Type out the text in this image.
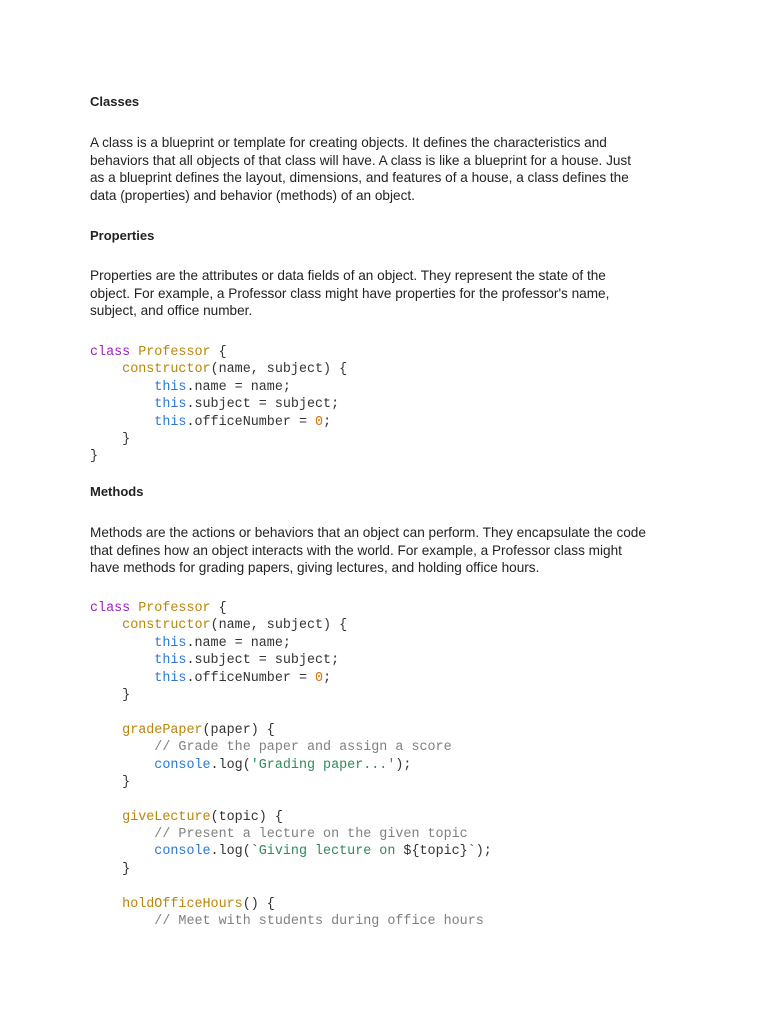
Classes
A class is a blueprint or template for creating objects. It defines the characteristics and
behaviors that all objects of that class will have. A class is like a blueprint for a house. Just
as a blueprint defines the layout, dimensions, and features of a house, a class defines the
data (properties) and behavior (methods) of an object.
Properties
Properties are the attributes or data fields of an object. They represent the state of the
object. For example, a Professor class might have properties for the professor's name,
subject, and office number.
class Professor {
constructor(name, subject) {
this.name = name;
this.subject = subject;
this.officeNumber = 0;
}
}
Methods
Methods are the actions or behaviors that an object can perform. They encapsulate the code
that defines how an object interacts with the world. For example, a Professor class might
have methods for grading papers, giving lectures, and holding office hours.
class Professor {
constructor(name, subject) {
this.name = name;
this.subject = subject;
this.officeNumber = 0;
}
gradePaper(paper) {
// Grade the paper and assign a score
console.log('Grading paper...');
}
giveLecture(topic) {
// Present a lecture on the given topic
console.log(`Giving lecture on ${topic}`);
}
holdOfficeHours() {
// Meet with students during office hours
